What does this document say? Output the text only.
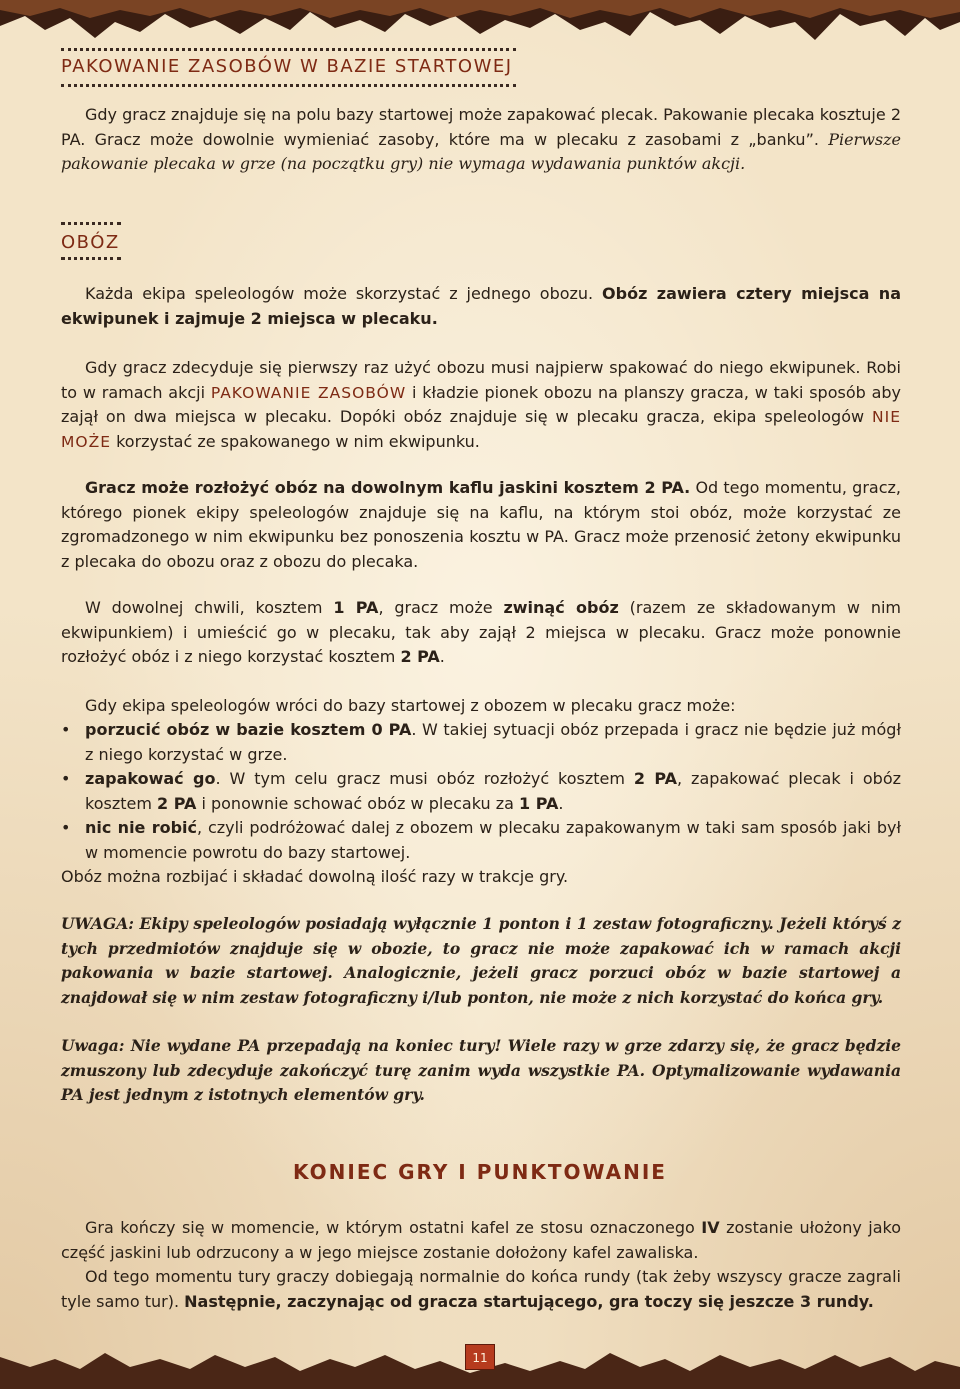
PAKOWANIE ZASOBÓW W BAZIE STARTOWEJ

Gdy gracz znajduje się na polu bazy startowej może zapakować plecak. Pakowanie plecaka kosztuje 2 PA. Gracz może dowolnie wymieniać zasoby, które ma w plecaku z zasobami z „banku”. Pierwsze pakowanie plecaka w grze (na początku gry) nie wymaga wydawania punktów akcji.

OBÓZ

Każda ekipa speleologów może skorzystać z jednego obozu. Obóz zawiera cztery miejsca na ekwipunek i zajmuje 2 miejsca w plecaku.

Gdy gracz zdecyduje się pierwszy raz użyć obozu musi najpierw spakować do niego ekwipunek. Robi to w ramach akcji PAKOWANIE ZASOBÓW i kładzie pionek obozu na planszy gracza, w taki sposób aby zajął on dwa miejsca w plecaku. Dopóki obóz znajduje się w plecaku gracza, ekipa speleologów NIE MOŻE korzystać ze spakowanego w nim ekwipunku.

Gracz może rozłożyć obóz na dowolnym kaflu jaskini kosztem 2 PA. Od tego momentu, gracz, którego pionek ekipy speleologów znajduje się na kaflu, na którym stoi obóz, może korzystać ze zgromadzonego w nim ekwipunku bez ponoszenia kosztu w PA. Gracz może przenosić żetony ekwipunku z plecaka do obozu oraz z obozu do plecaka.

W dowolnej chwili, kosztem 1 PA, gracz może zwinąć obóz (razem ze składowanym w nim ekwipunkiem) i umieścić go w plecaku, tak aby zajął 2 miejsca w plecaku. Gracz może ponownie rozłożyć obóz i z niego korzystać kosztem 2 PA.

Gdy ekipa speleologów wróci do bazy startowej z obozem w plecaku gracz może:

• porzucić obóz w bazie kosztem 0 PA. W takiej sytuacji obóz przepada i gracz nie będzie już mógł z niego korzystać w grze.
• zapakować go. W tym celu gracz musi obóz rozłożyć kosztem 2 PA, zapakować plecak i obóz kosztem 2 PA i ponownie schować obóz w plecaku za 1 PA.
• nic nie robić, czyli podróżować dalej z obozem w plecaku zapakowanym w taki sam sposób jaki był w momencie powrotu do bazy startowej.

Obóz można rozbijać i składać dowolną ilość razy w trakcje gry.

UWAGA: Ekipy speleologów posiadają wyłącznie 1 ponton i 1 zestaw fotograficzny. Jeżeli któryś z tych przedmiotów znajduje się w obozie, to gracz nie może zapakować ich w ramach akcji pakowania w bazie startowej. Analogicznie, jeżeli gracz porzuci obóz w bazie startowej a znajdował się w nim zestaw fotograficzny i/lub ponton, nie może z nich korzystać do końca gry.

Uwaga: Nie wydane PA przepadają na koniec tury! Wiele razy w grze zdarzy się, że gracz będzie zmuszony lub zdecyduje zakończyć turę zanim wyda wszystkie PA. Optymalizowanie wydawania PA jest jednym z istotnych elementów gry.

Gra kończy się w momencie, w którym ostatni kafel ze stosu oznaczonego IV zostanie ułożony jako część jaskini lub odrzucony a w jego miejsce zostanie dołożony kafel zawaliska.

Od tego momentu tury graczy dobiegają normalnie do końca rundy (tak żeby wszyscy gracze zagrali tyle samo tur). Następnie, zaczynając od gracza startującego, gra toczy się jeszcze 3 rundy.

KONIEC GRY I PUNKTOWANIE
11
